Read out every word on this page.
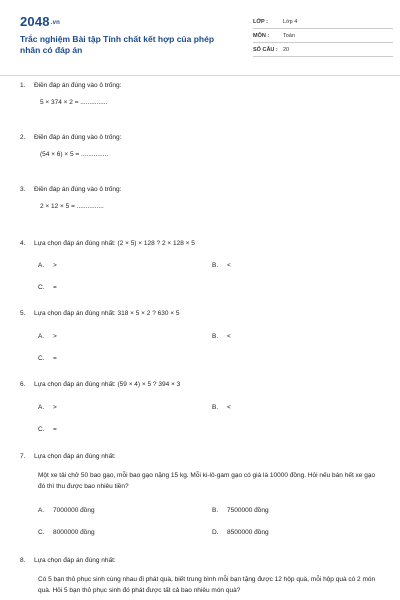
2048.vn
Trắc nghiệm Bài tập Tính chất kết hợp của phép nhân có đáp án
LỚP :	Lớp 4
MÔN :	Toán
SỐ CÂU : 20
1. Điền đáp án đúng vào ô trống:
5 × 374 × 2 = ...............
2. Điền đáp án đúng vào ô trống:
(54 × 6) × 5 = ...............
3. Điền đáp án đúng vào ô trống:
2 × 12 × 5 = ...............
4. Lựa chọn đáp án đúng nhất: (2 × 5) × 128 ? 2 × 128 × 5
A. >	B. <
C. =
5. Lựa chọn đáp án đúng nhất: 318 × 5 × 2 ? 630 × 5
A. >	B. <
C. =
6. Lựa chọn đáp án đúng nhất: (59 × 4) × 5 ? 394 × 3
A. >	B. <
C. =
7. Lựa chọn đáp án đúng nhất:
Một xe tải chở 50 bao gạo, mỗi bao gạo nặng 15 kg. Mỗi ki-lô-gam gạo có giá là 10000 đồng. Hỏi nếu bán hết xe gạo đó thì thu được bao nhiêu tiền?
A. 7000000 đồng	B. 7500000 đồng
C. 8000000 đồng	D. 8500000 đồng
8. Lựa chọn đáp án đúng nhất:
Có 5 bạn thỏ phục sinh cùng nhau đi phát quà, biết trung bình mỗi bạn tặng được 12 hộp quà, mỗi hộp quà có 2 món quà. Hỏi 5 bạn thỏ phục sinh đó phát được tất cả bao nhiêu món quà?
